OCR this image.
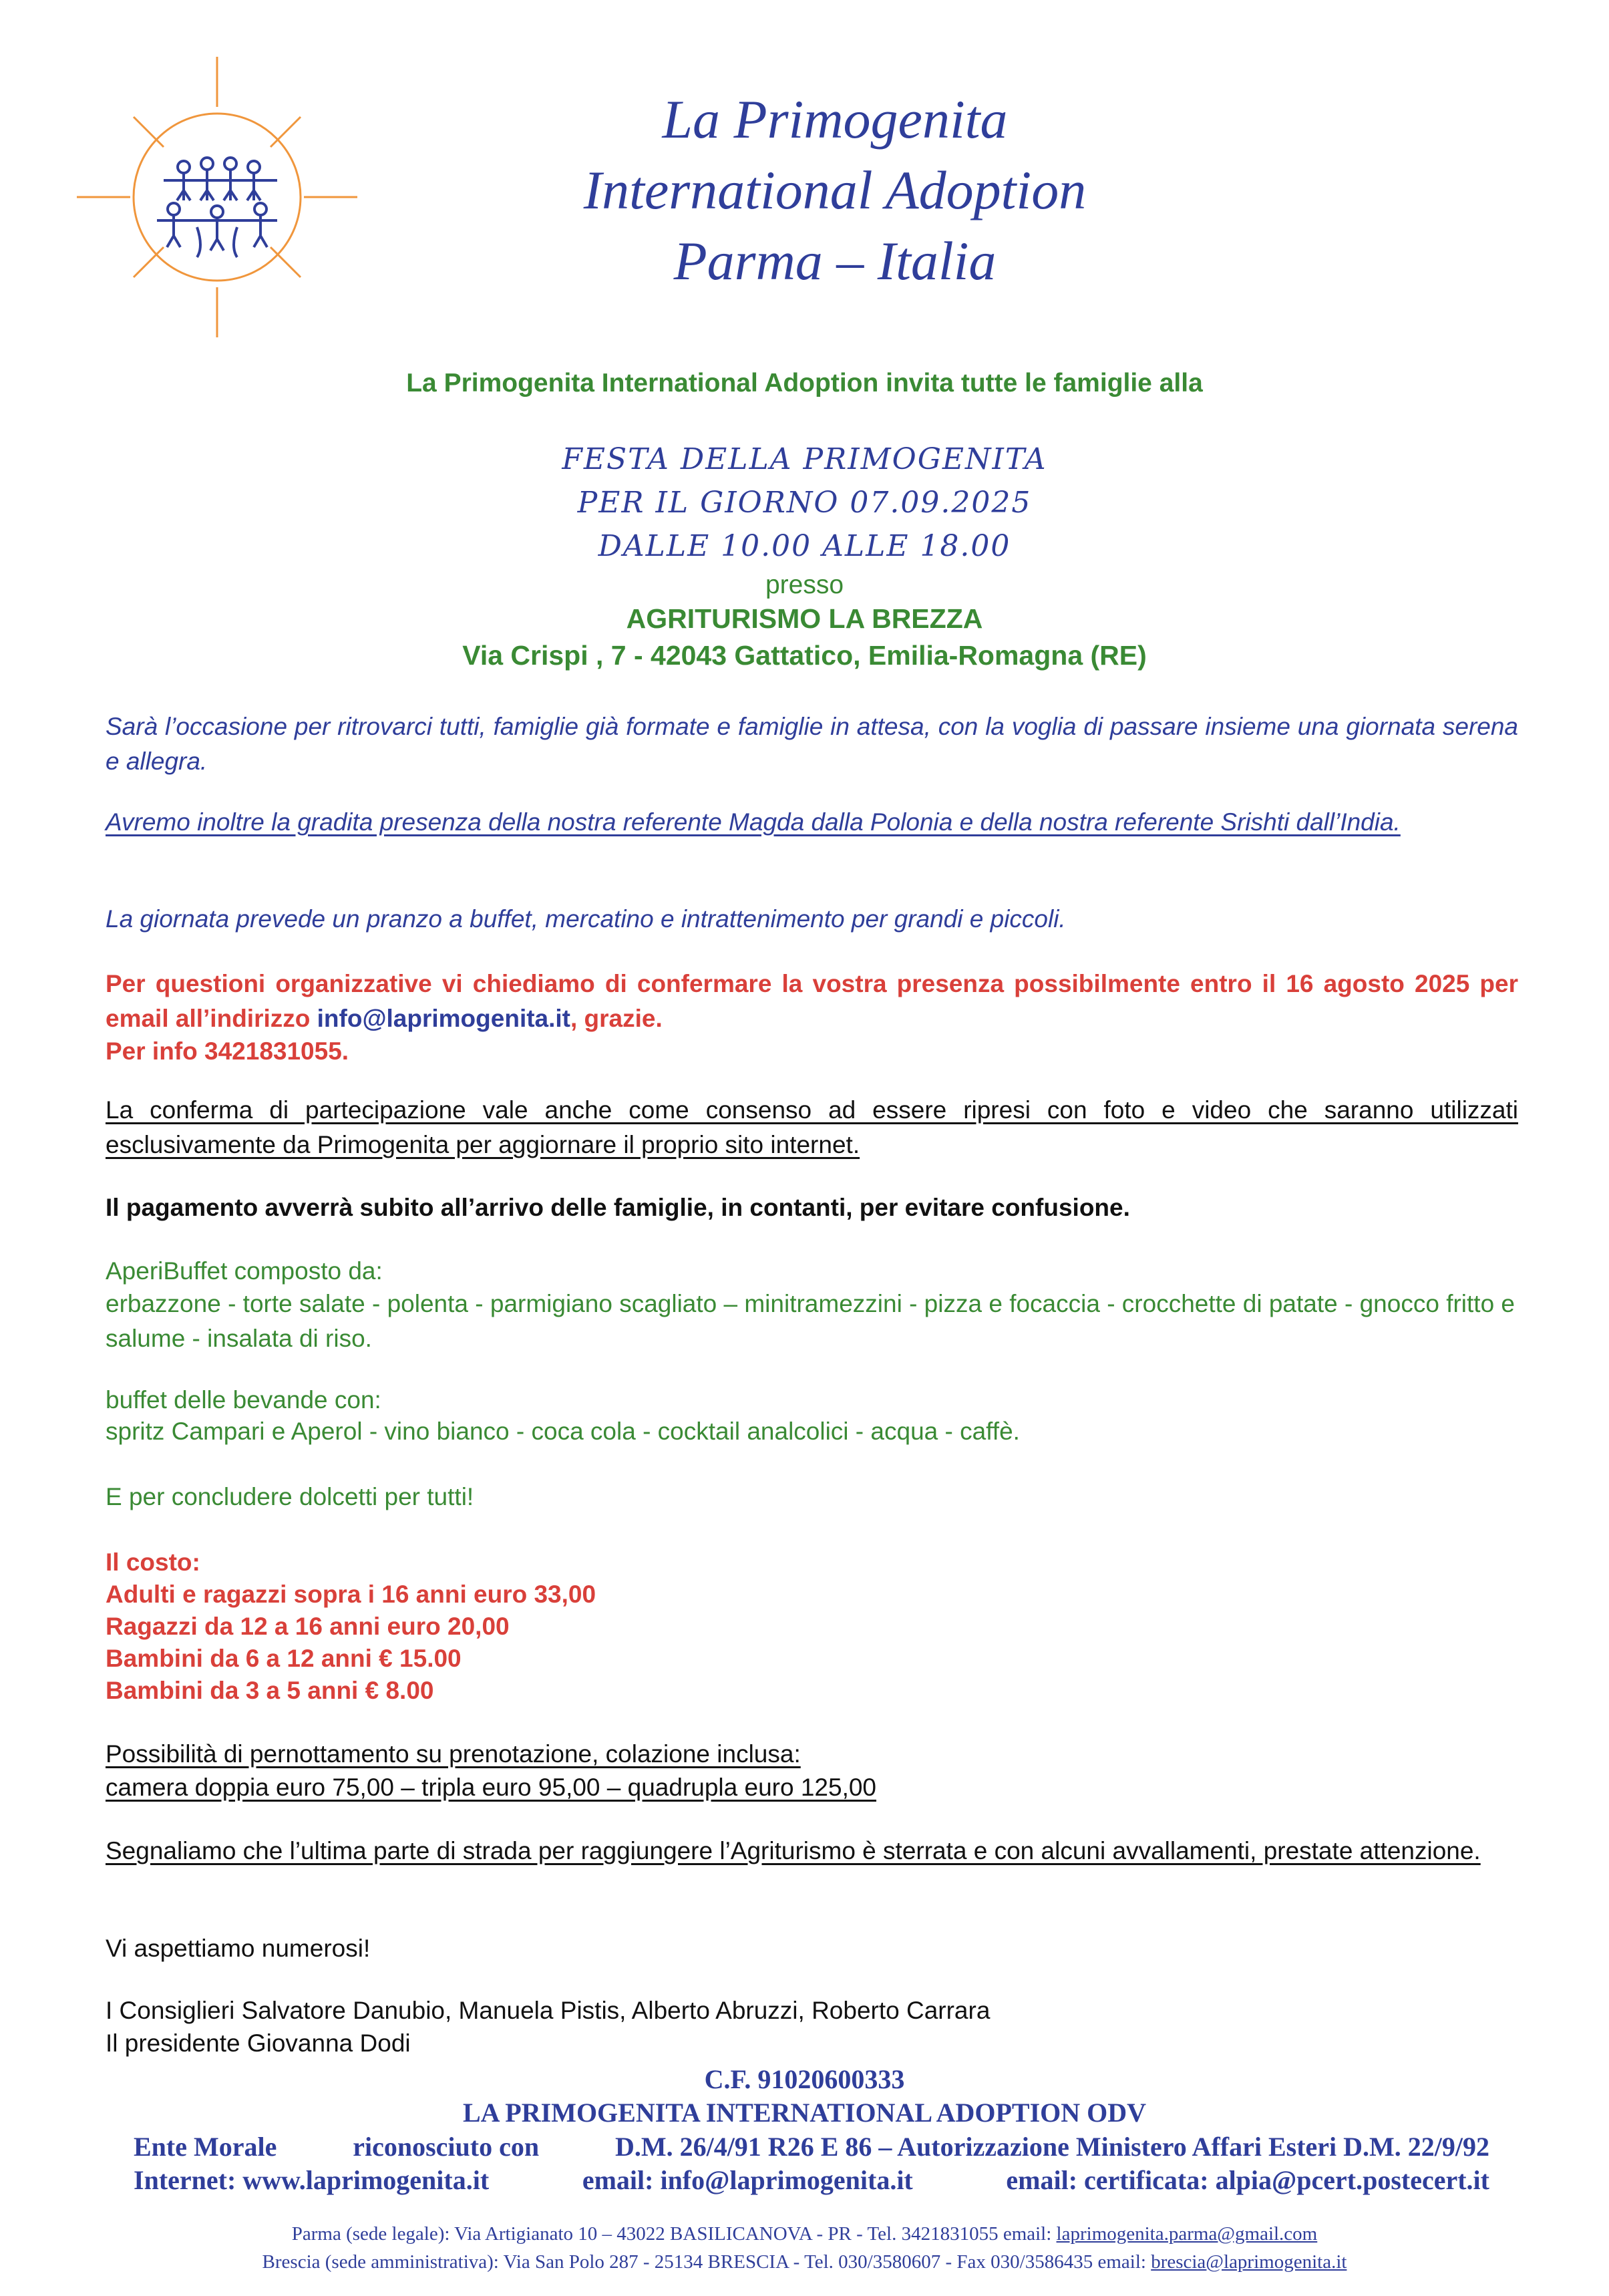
La Primogenita
International Adoption
Parma – Italia
La Primogenita International Adoption invita tutte le famiglie alla
FESTA DELLA PRIMOGENITA
PER IL GIORNO 07.09.2025
DALLE 10.00 ALLE 18.00
presso
AGRITURISMO LA BREZZA
Via Crispi , 7 - 42043 Gattatico, Emilia-Romagna (RE)
Sarà l’occasione per ritrovarci tutti, famiglie già formate e famiglie in attesa, con la voglia di passare insieme una giornata serena e allegra.
Avremo inoltre la gradita presenza della nostra referente Magda dalla Polonia e della nostra referente Srishti dall’India.
La giornata prevede un pranzo a buffet, mercatino e intrattenimento per grandi e piccoli.
Per questioni organizzative vi chiediamo di confermare la vostra presenza possibilmente entro il 16 agosto 2025 per email all’indirizzo info@laprimogenita.it, grazie.
Per info 3421831055.
La conferma di partecipazione vale anche come consenso ad essere ripresi con foto e video che saranno utilizzati esclusivamente da Primogenita per aggiornare il proprio sito internet.
Il pagamento avverrà subito all’arrivo delle famiglie, in contanti, per evitare confusione.
AperiBuffet composto da:
erbazzone - torte salate - polenta - parmigiano scagliato – minitramezzini - pizza e focaccia - crocchette di patate - gnocco fritto e salume - insalata di riso.
buffet delle bevande con:
spritz Campari e Aperol - vino bianco - coca cola - cocktail analcolici - acqua - caffè.
E per concludere dolcetti per tutti!
Il costo:
Adulti e ragazzi sopra i 16 anni euro 33,00
Ragazzi da 12 a 16 anni euro 20,00
Bambini da 6 a 12 anni € 15.00
Bambini da 3 a 5 anni € 8.00
Possibilità di pernottamento su prenotazione, colazione inclusa:
camera doppia euro 75,00 – tripla euro 95,00 – quadrupla euro 125,00
Segnaliamo che l’ultima parte di strada per raggiungere l’Agriturismo è sterrata e con alcuni avvallamenti, prestate attenzione.
Vi aspettiamo numerosi!
I Consiglieri Salvatore Danubio, Manuela Pistis, Alberto Abruzzi, Roberto Carrara
Il presidente Giovanna Dodi
C.F. 91020600333
LA PRIMOGENITA INTERNATIONAL ADOPTION ODV
Ente Morale	riconosciuto con	D.M. 26/4/91 R26 E 86 – Autorizzazione Ministero Affari Esteri D.M. 22/9/92
Internet: www.laprimogenita.it	email: info@laprimogenita.it	email: certificata: alpia@pcert.postecert.it
Parma (sede legale): Via Artigianato 10 – 43022 BASILICANOVA - PR - Tel. 3421831055 email: laprimogenita.parma@gmail.com
Brescia (sede amministrativa): Via San Polo 287 - 25134 BRESCIA - Tel. 030/3580607 - Fax 030/3586435 email: brescia@laprimogenita.it
